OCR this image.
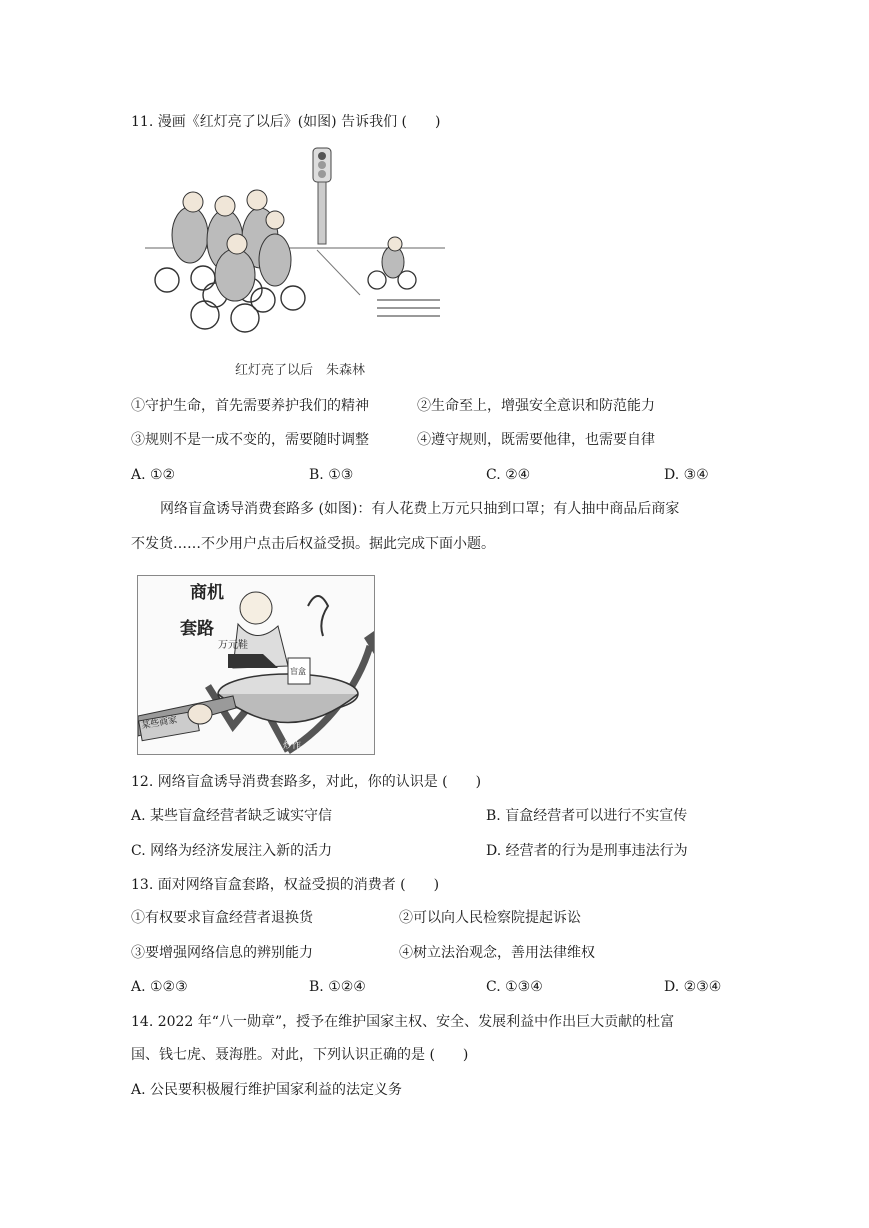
11. 漫画《红灯亮了以后》(如图) 告诉我们 (　　)
红灯亮了以后　朱森林
①守护生命，首先需要养护我们的精神	②生命至上，增强安全意识和防范能力
③规则不是一成不变的，需要随时调整	④遵守规则，既需要他律，也需要自律
A. ①②	B. ①③	C. ②④	D. ③④
网络盲盒诱导消费套路多 (如图)：有人花费上万元只抽到口罩；有人抽中商品后商家
不发货……不少用户点击后权益受损。据此完成下面小题。
商机
套路
万元鞋
某些商家
盲盒
炒作
12. 网络盲盒诱导消费套路多，对此，你的认识是 (　　)
A. 某些盲盒经营者缺乏诚实守信	B. 盲盒经营者可以进行不实宣传
C. 网络为经济发展注入新的活力	D. 经营者的行为是刑事违法行为
13. 面对网络盲盒套路，权益受损的消费者 (　　)
①有权要求盲盒经营者退换货	②可以向人民检察院提起诉讼
③要增强网络信息的辨别能力	④树立法治观念，善用法律维权
A. ①②③	B. ①②④	C. ①③④	D. ②③④
14. 2022 年“八一勋章”，授予在维护国家主权、安全、发展利益中作出巨大贡献的杜富
国、钱七虎、聂海胜。对此，下列认识正确的是 (　　)
A. 公民要积极履行维护国家利益的法定义务
